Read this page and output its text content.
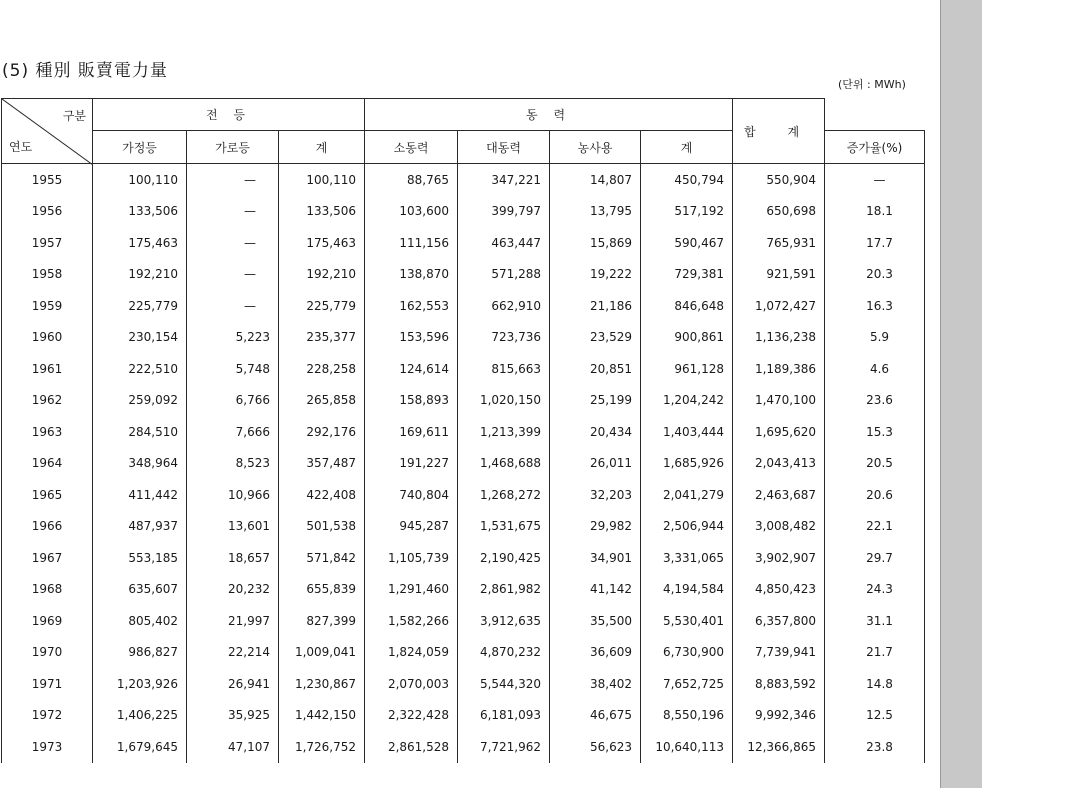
(5) 種別 販賣電力量
(단위 : MWh)
구분
연도	전 등			동 력				합 계	
	가정등	가로등	계	소동력	대동력	농사용	계		증가율(%)
1955	100,110	—	100,110	88,765	347,221	14,807	450,794	550,904	—
1956	133,506	—	133,506	103,600	399,797	13,795	517,192	650,698	18.1
1957	175,463	—	175,463	111,156	463,447	15,869	590,467	765,931	17.7
1958	192,210	—	192,210	138,870	571,288	19,222	729,381	921,591	20.3
1959	225,779	—	225,779	162,553	662,910	21,186	846,648	1,072,427	16.3
1960	230,154	5,223	235,377	153,596	723,736	23,529	900,861	1,136,238	5.9
1961	222,510	5,748	228,258	124,614	815,663	20,851	961,128	1,189,386	4.6
1962	259,092	6,766	265,858	158,893	1,020,150	25,199	1,204,242	1,470,100	23.6
1963	284,510	7,666	292,176	169,611	1,213,399	20,434	1,403,444	1,695,620	15.3
1964	348,964	8,523	357,487	191,227	1,468,688	26,011	1,685,926	2,043,413	20.5
1965	411,442	10,966	422,408	740,804	1,268,272	32,203	2,041,279	2,463,687	20.6
1966	487,937	13,601	501,538	945,287	1,531,675	29,982	2,506,944	3,008,482	22.1
1967	553,185	18,657	571,842	1,105,739	2,190,425	34,901	3,331,065	3,902,907	29.7
1968	635,607	20,232	655,839	1,291,460	2,861,982	41,142	4,194,584	4,850,423	24.3
1969	805,402	21,997	827,399	1,582,266	3,912,635	35,500	5,530,401	6,357,800	31.1
1970	986,827	22,214	1,009,041	1,824,059	4,870,232	36,609	6,730,900	7,739,941	21.7
1971	1,203,926	26,941	1,230,867	2,070,003	5,544,320	38,402	7,652,725	8,883,592	14.8
1972	1,406,225	35,925	1,442,150	2,322,428	6,181,093	46,675	8,550,196	9,992,346	12.5
1973	1,679,645	47,107	1,726,752	2,861,528	7,721,962	56,623	10,640,113	12,366,865	23.8
